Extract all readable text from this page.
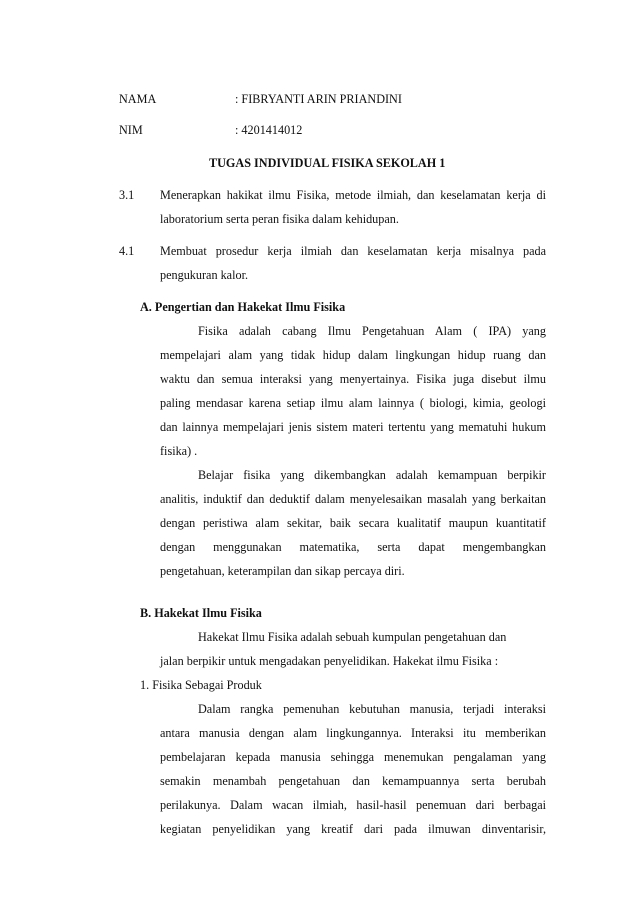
NAMA	: FIBRYANTI ARIN PRIANDINI
NIM	: 4201414012
TUGAS INDIVIDUAL FISIKA SEKOLAH 1
3.1 Menerapkan hakikat ilmu Fisika, metode ilmiah, dan keselamatan kerja di
laboratorium serta peran fisika dalam kehidupan.
4.1 Membuat prosedur kerja ilmiah dan keselamatan kerja misalnya pada
pengukuran kalor.
A. Pengertian dan Hakekat Ilmu Fisika
Fisika adalah cabang Ilmu Pengetahuan Alam ( IPA) yang
mempelajari alam yang tidak hidup dalam lingkungan hidup ruang dan
waktu dan semua interaksi yang menyertainya. Fisika juga disebut ilmu
paling mendasar karena setiap ilmu alam lainnya ( biologi, kimia, geologi
dan lainnya mempelajari jenis sistem materi tertentu yang mematuhi hukum
fisika) .
Belajar fisika yang dikembangkan adalah kemampuan berpikir
analitis, induktif dan deduktif dalam menyelesaikan masalah yang berkaitan
dengan peristiwa alam sekitar, baik secara kualitatif maupun kuantitatif
dengan menggunakan matematika, serta dapat mengembangkan
pengetahuan, keterampilan dan sikap percaya diri.
B. Hakekat Ilmu Fisika
Hakekat Ilmu Fisika adalah sebuah kumpulan pengetahuan dan
jalan berpikir untuk mengadakan penyelidikan. Hakekat ilmu Fisika :
1. Fisika Sebagai Produk
Dalam rangka pemenuhan kebutuhan manusia, terjadi interaksi
antara manusia dengan alam lingkungannya. Interaksi itu memberikan
pembelajaran kepada manusia sehingga menemukan pengalaman yang
semakin menambah pengetahuan dan kemampuannya serta berubah
perilakunya. Dalam wacan ilmiah, hasil-hasil penemuan dari berbagai
kegiatan penyelidikan yang kreatif dari pada ilmuwan dinventarisir,
